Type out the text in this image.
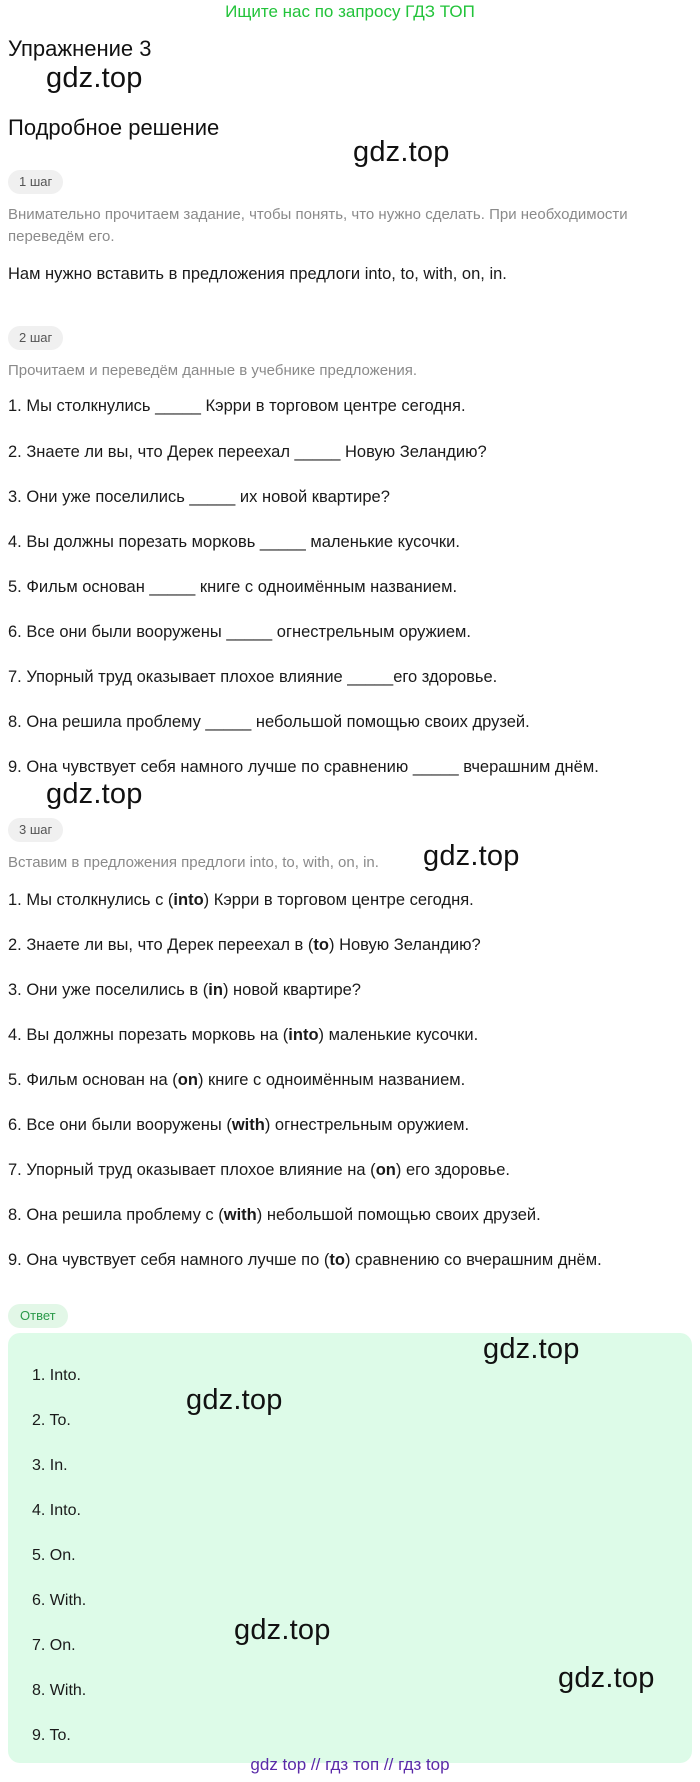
Ищите нас по запросу ГДЗ ТОП
Упражнение 3
gdz.top
Подробное решение
gdz.top
1 шаг

Внимательно прочитаем задание, чтобы понять, что нужно сделать. При необходимости переведём его.

Нам нужно вставить в предложения предлоги into, to, with, on, in.

2 шаг

Прочитаем и переведём данные в учебнике предложения.

1. Мы столкнулись _____ Кэрри в торговом центре сегодня.

2. Знаете ли вы, что Дерек переехал _____ Новую Зеландию?

3. Они уже поселились _____ их новой квартире?

4. Вы должны порезать морковь _____ маленькие кусочки.

5. Фильм основан _____ книге с одноимённым названием.

6. Все они были вооружены _____ огнестрельным оружием.

7. Упорный труд оказывает плохое влияние _____его здоровье.

8. Она решила проблему _____ небольшой помощью своих друзей.

9. Она чувствует себя намного лучше по сравнению _____ вчерашним днём.

gdz.top
3 шаг

Вставим в предложения предлоги into, to, with, on, in. gdz.top

1. Мы столкнулись с (into) Кэрри в торговом центре сегодня.

2. Знаете ли вы, что Дерек переехал в (to) Новую Зеландию?

3. Они уже поселились в (in) новой квартире?

4. Вы должны порезать морковь на (into) маленькие кусочки.

5. Фильм основан на (on) книге с одноимённым названием.

6. Все они были вооружены (with) огнестрельным оружием.

7. Упорный труд оказывает плохое влияние на (on) его здоровье.

8. Она решила проблему с (with) небольшой помощью своих друзей.

9. Она чувствует себя намного лучше по (to) сравнению со вчерашним днём.

Ответ
gdz.top
gdz.top
gdz.top
gdz.top
1. Into.
2. To.
3. In.
4. Into.
5. On.
6. With.
7. On.
8. With.
9. To.
gdz top // гдз топ // гдз top
